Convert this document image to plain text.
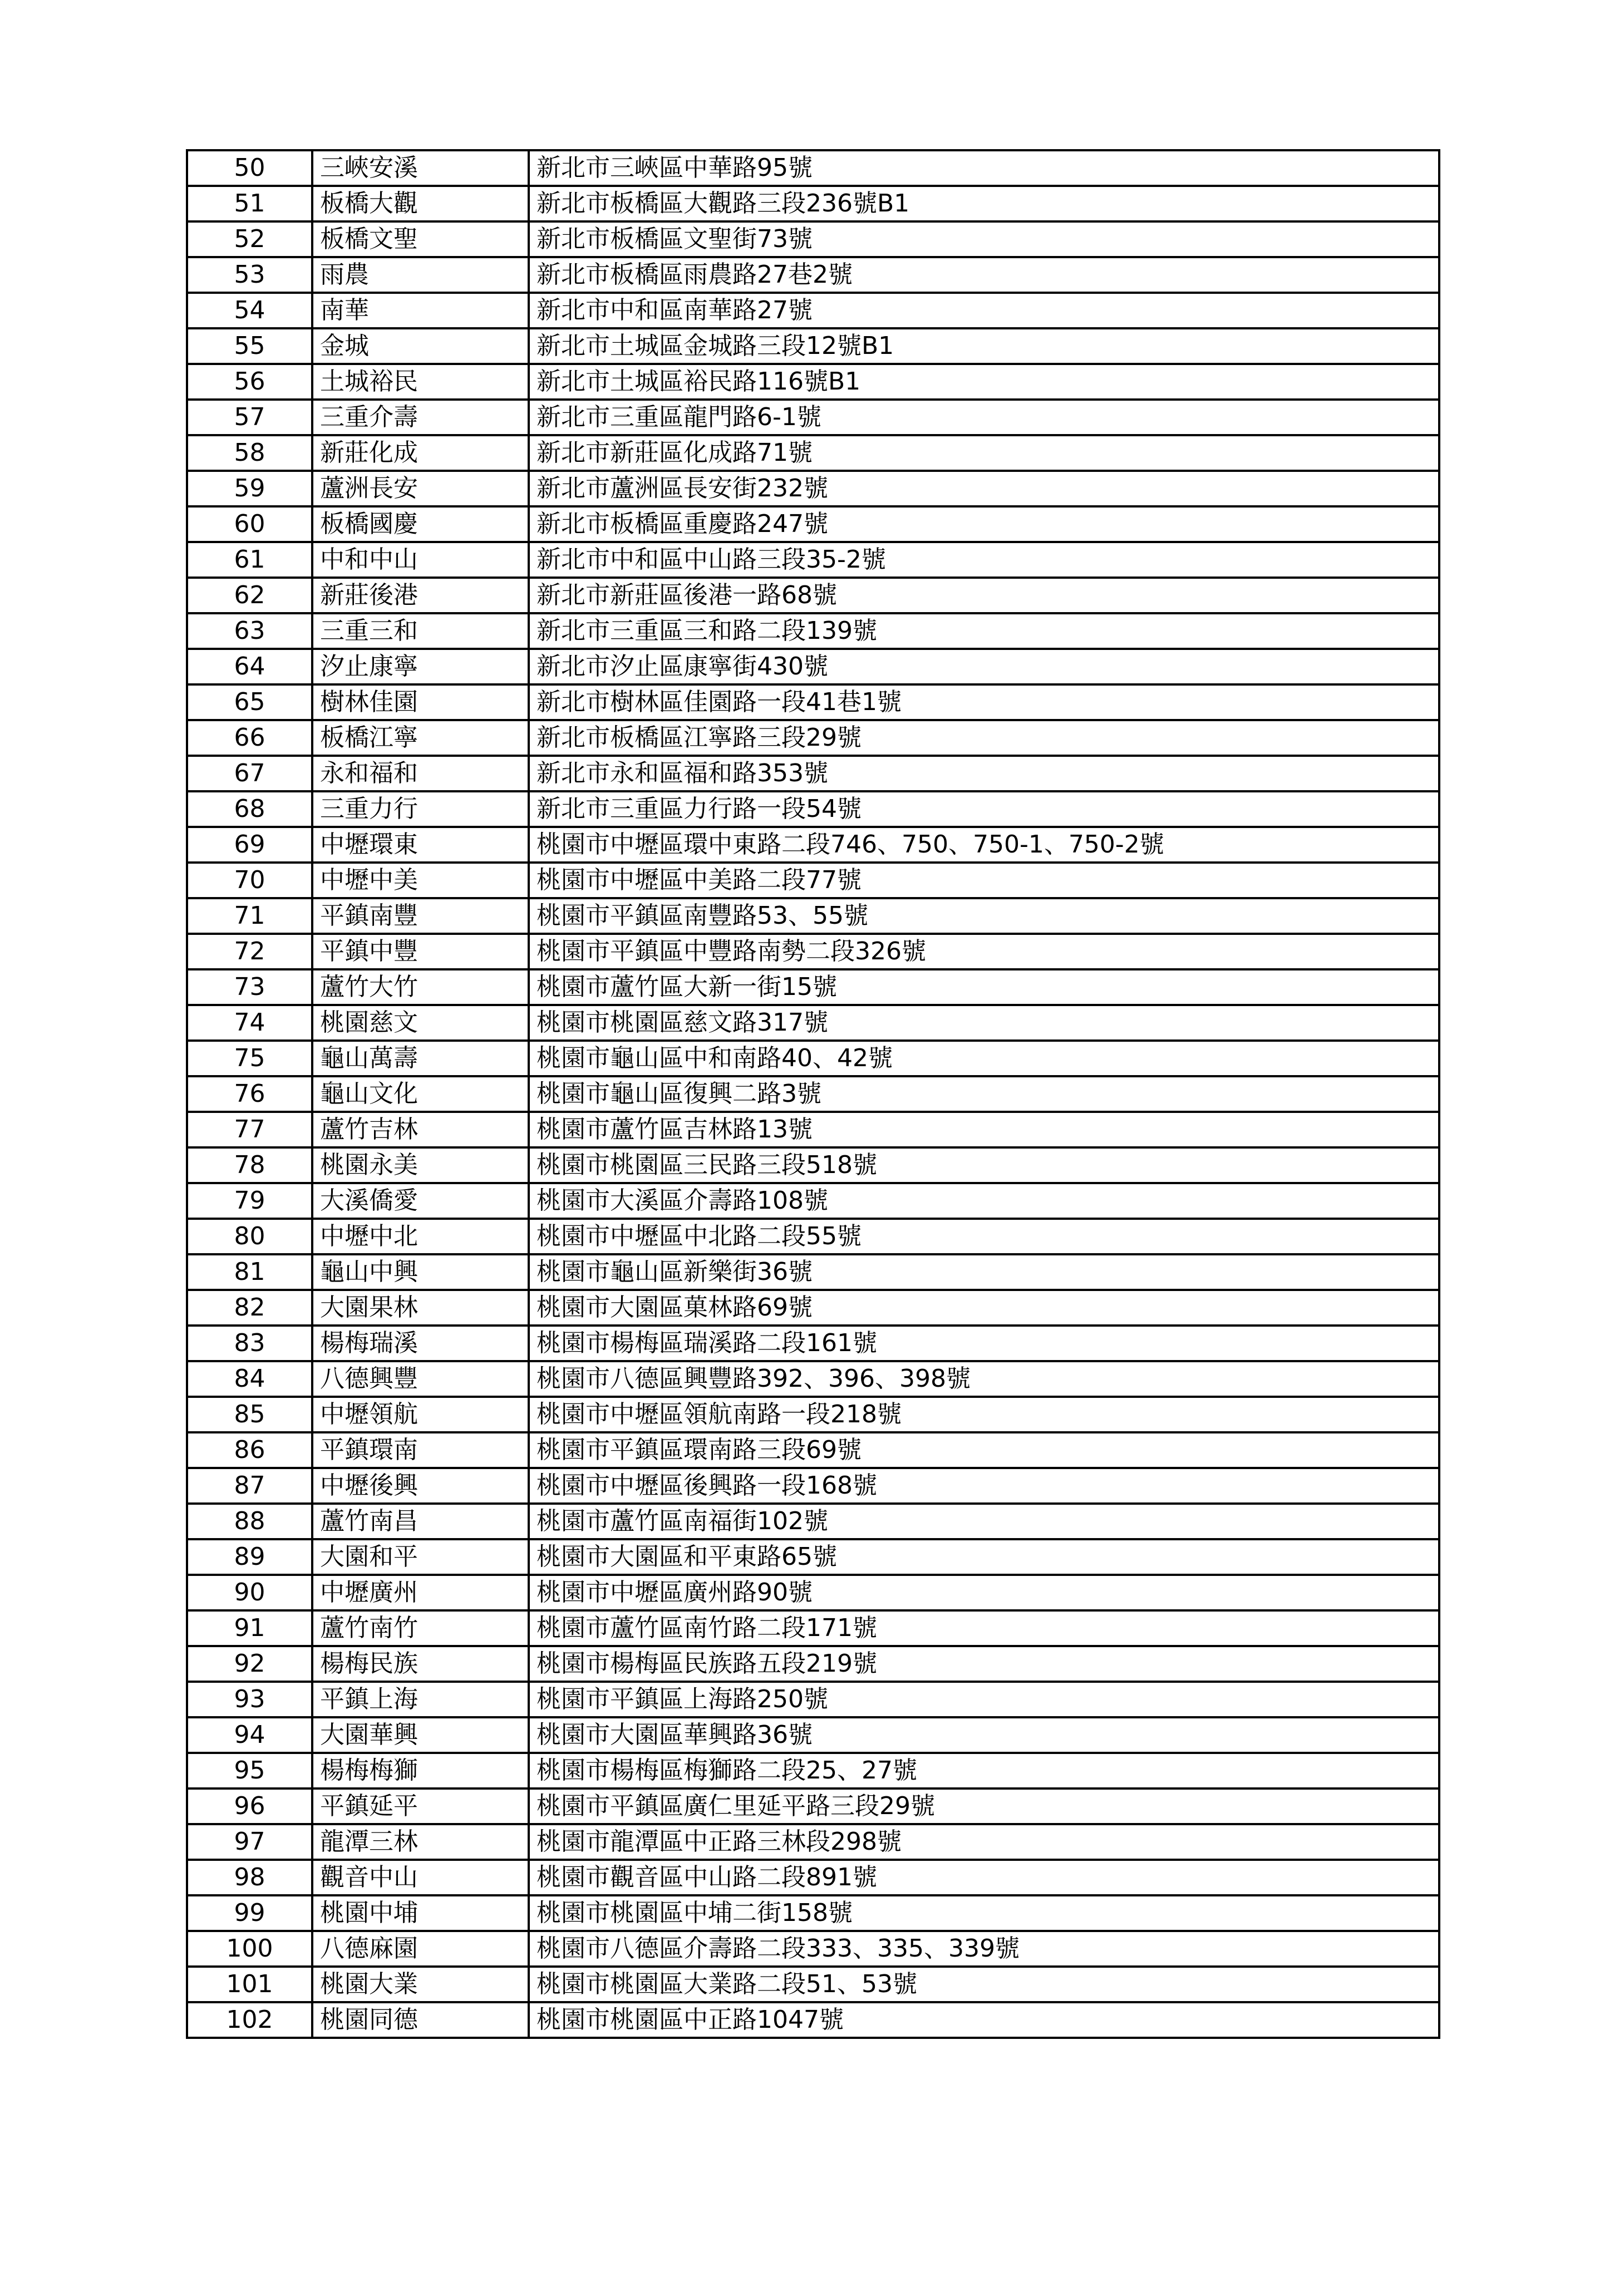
50	三峽安溪	新北市三峽區中華路95號
51	板橋大觀	新北市板橋區大觀路三段236號B1
52	板橋文聖	新北市板橋區文聖街73號
53	雨農	新北市板橋區雨農路27巷2號
54	南華	新北市中和區南華路27號
55	金城	新北市土城區金城路三段12號B1
56	土城裕民	新北市土城區裕民路116號B1
57	三重介壽	新北市三重區龍門路6-1號
58	新莊化成	新北市新莊區化成路71號
59	蘆洲長安	新北市蘆洲區長安街232號
60	板橋國慶	新北市板橋區重慶路247號
61	中和中山	新北市中和區中山路三段35-2號
62	新莊後港	新北市新莊區後港一路68號
63	三重三和	新北市三重區三和路二段139號
64	汐止康寧	新北市汐止區康寧街430號
65	樹林佳園	新北市樹林區佳園路一段41巷1號
66	板橋江寧	新北市板橋區江寧路三段29號
67	永和福和	新北市永和區福和路353號
68	三重力行	新北市三重區力行路一段54號
69	中壢環東	桃園市中壢區環中東路二段746、750、750-1、750-2號
70	中壢中美	桃園市中壢區中美路二段77號
71	平鎮南豐	桃園市平鎮區南豐路53、55號
72	平鎮中豐	桃園市平鎮區中豐路南勢二段326號
73	蘆竹大竹	桃園市蘆竹區大新一街15號
74	桃園慈文	桃園市桃園區慈文路317號
75	龜山萬壽	桃園市龜山區中和南路40、42號
76	龜山文化	桃園市龜山區復興二路3號
77	蘆竹吉林	桃園市蘆竹區吉林路13號
78	桃園永美	桃園市桃園區三民路三段518號
79	大溪僑愛	桃園市大溪區介壽路108號
80	中壢中北	桃園市中壢區中北路二段55號
81	龜山中興	桃園市龜山區新樂街36號
82	大園果林	桃園市大園區菓林路69號
83	楊梅瑞溪	桃園市楊梅區瑞溪路二段161號
84	八德興豐	桃園市八德區興豐路392、396、398號
85	中壢領航	桃園市中壢區領航南路一段218號
86	平鎮環南	桃園市平鎮區環南路三段69號
87	中壢後興	桃園市中壢區後興路一段168號
88	蘆竹南昌	桃園市蘆竹區南福街102號
89	大園和平	桃園市大園區和平東路65號
90	中壢廣州	桃園市中壢區廣州路90號
91	蘆竹南竹	桃園市蘆竹區南竹路二段171號
92	楊梅民族	桃園市楊梅區民族路五段219號
93	平鎮上海	桃園市平鎮區上海路250號
94	大園華興	桃園市大園區華興路36號
95	楊梅梅獅	桃園市楊梅區梅獅路二段25、27號
96	平鎮延平	桃園市平鎮區廣仁里延平路三段29號
97	龍潭三林	桃園市龍潭區中正路三林段298號
98	觀音中山	桃園市觀音區中山路二段891號
99	桃園中埔	桃園市桃園區中埔二街158號
100	八德麻園	桃園市八德區介壽路二段333、335、339號
101	桃園大業	桃園市桃園區大業路二段51、53號
102	桃園同德	桃園市桃園區中正路1047號
